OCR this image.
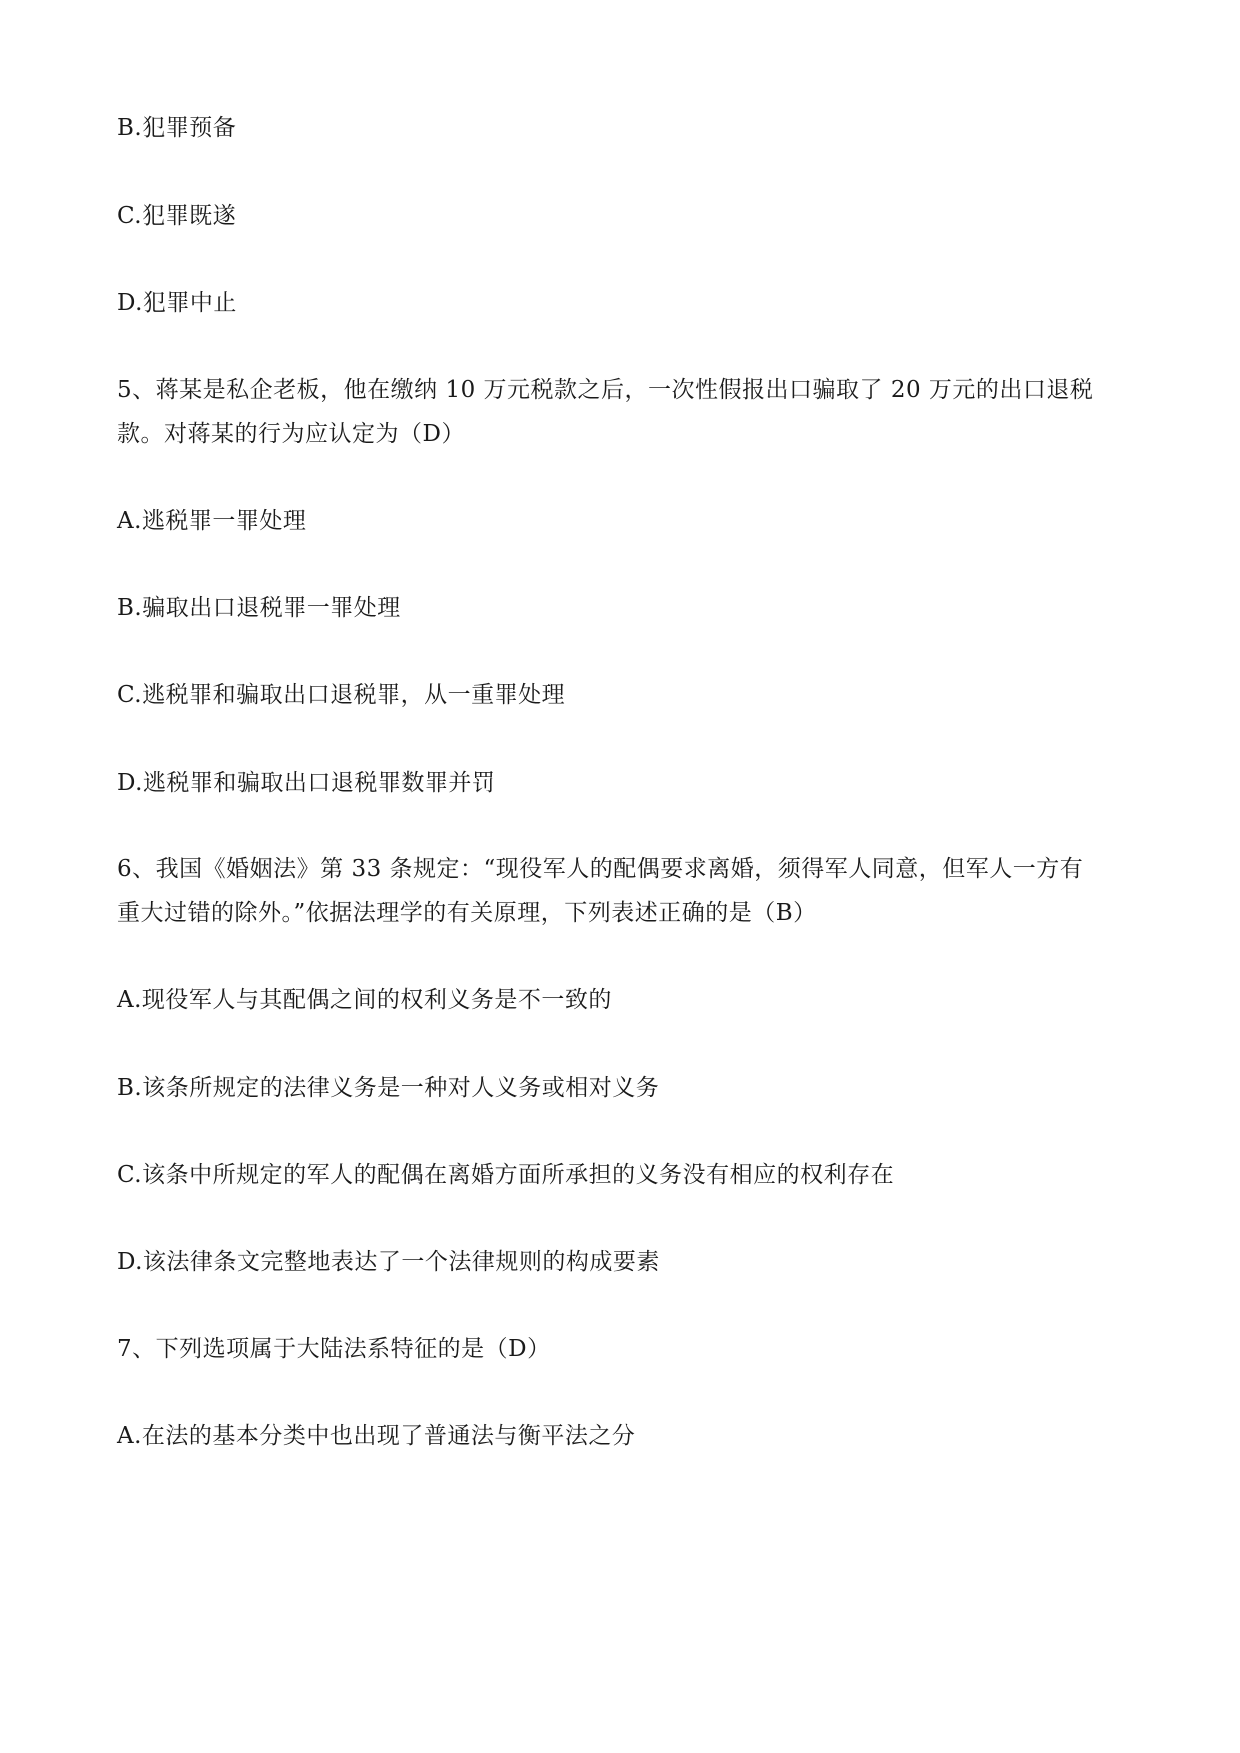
B.犯罪预备
C.犯罪既遂
D.犯罪中止
5、蒋某是私企老板，他在缴纳 10 万元税款之后，一次性假报出口骗取了 20 万元的出口退税
款。对蒋某的行为应认定为（D）
A.逃税罪一罪处理
B.骗取出口退税罪一罪处理
C.逃税罪和骗取出口退税罪，从一重罪处理
D.逃税罪和骗取出口退税罪数罪并罚
6、我国《婚姻法》第 33 条规定：“现役军人的配偶要求离婚，须得军人同意，但军人一方有
重大过错的除外。”依据法理学的有关原理，下列表述正确的是（B）
A.现役军人与其配偶之间的权利义务是不一致的
B.该条所规定的法律义务是一种对人义务或相对义务
C.该条中所规定的军人的配偶在离婚方面所承担的义务没有相应的权利存在
D.该法律条文完整地表达了一个法律规则的构成要素
7、下列选项属于大陆法系特征的是（D）
A.在法的基本分类中也出现了普通法与衡平法之分
